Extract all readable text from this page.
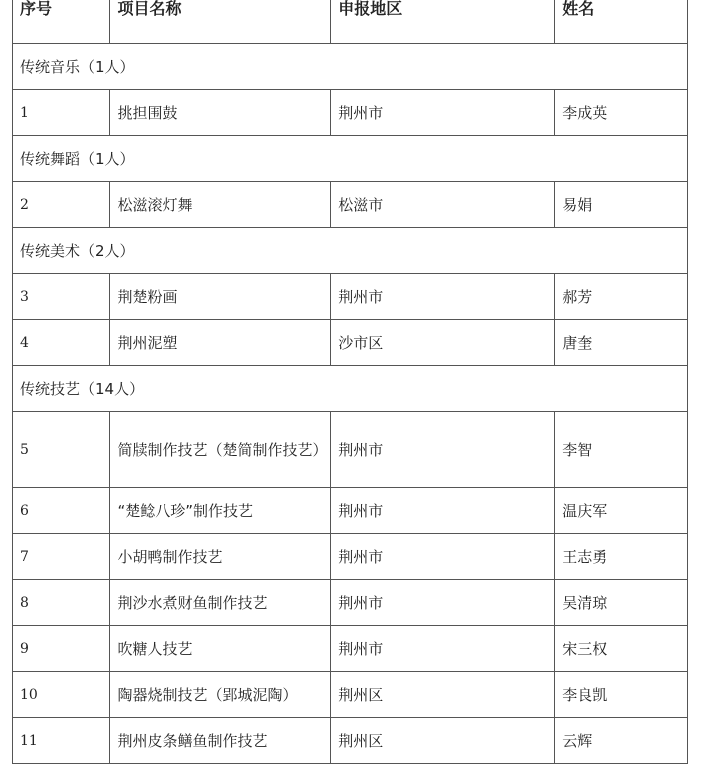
序号	项目名称	申报地区	姓名
传统音乐（1人）			
1	挑担围鼓	荆州市	李成英
传统舞蹈（1人）			
2	松滋滚灯舞	松滋市	易娟
传统美术（2人）			
3	荆楚粉画	荆州市	郝芳
4	荆州泥塑	沙市区	唐奎
传统技艺（14人）			
5	简牍制作技艺（楚简制作技艺）	荆州市	李智
6	“楚鲶八珍”制作技艺	荆州市	温庆军
7	小胡鸭制作技艺	荆州市	王志勇
8	荆沙水煮财鱼制作技艺	荆州市	吴清琼
9	吹糖人技艺	荆州市	宋三权
10	陶器烧制技艺（郢城泥陶）	荆州区	李良凯
11	荆州皮条鳝鱼制作技艺	荆州区	云辉
